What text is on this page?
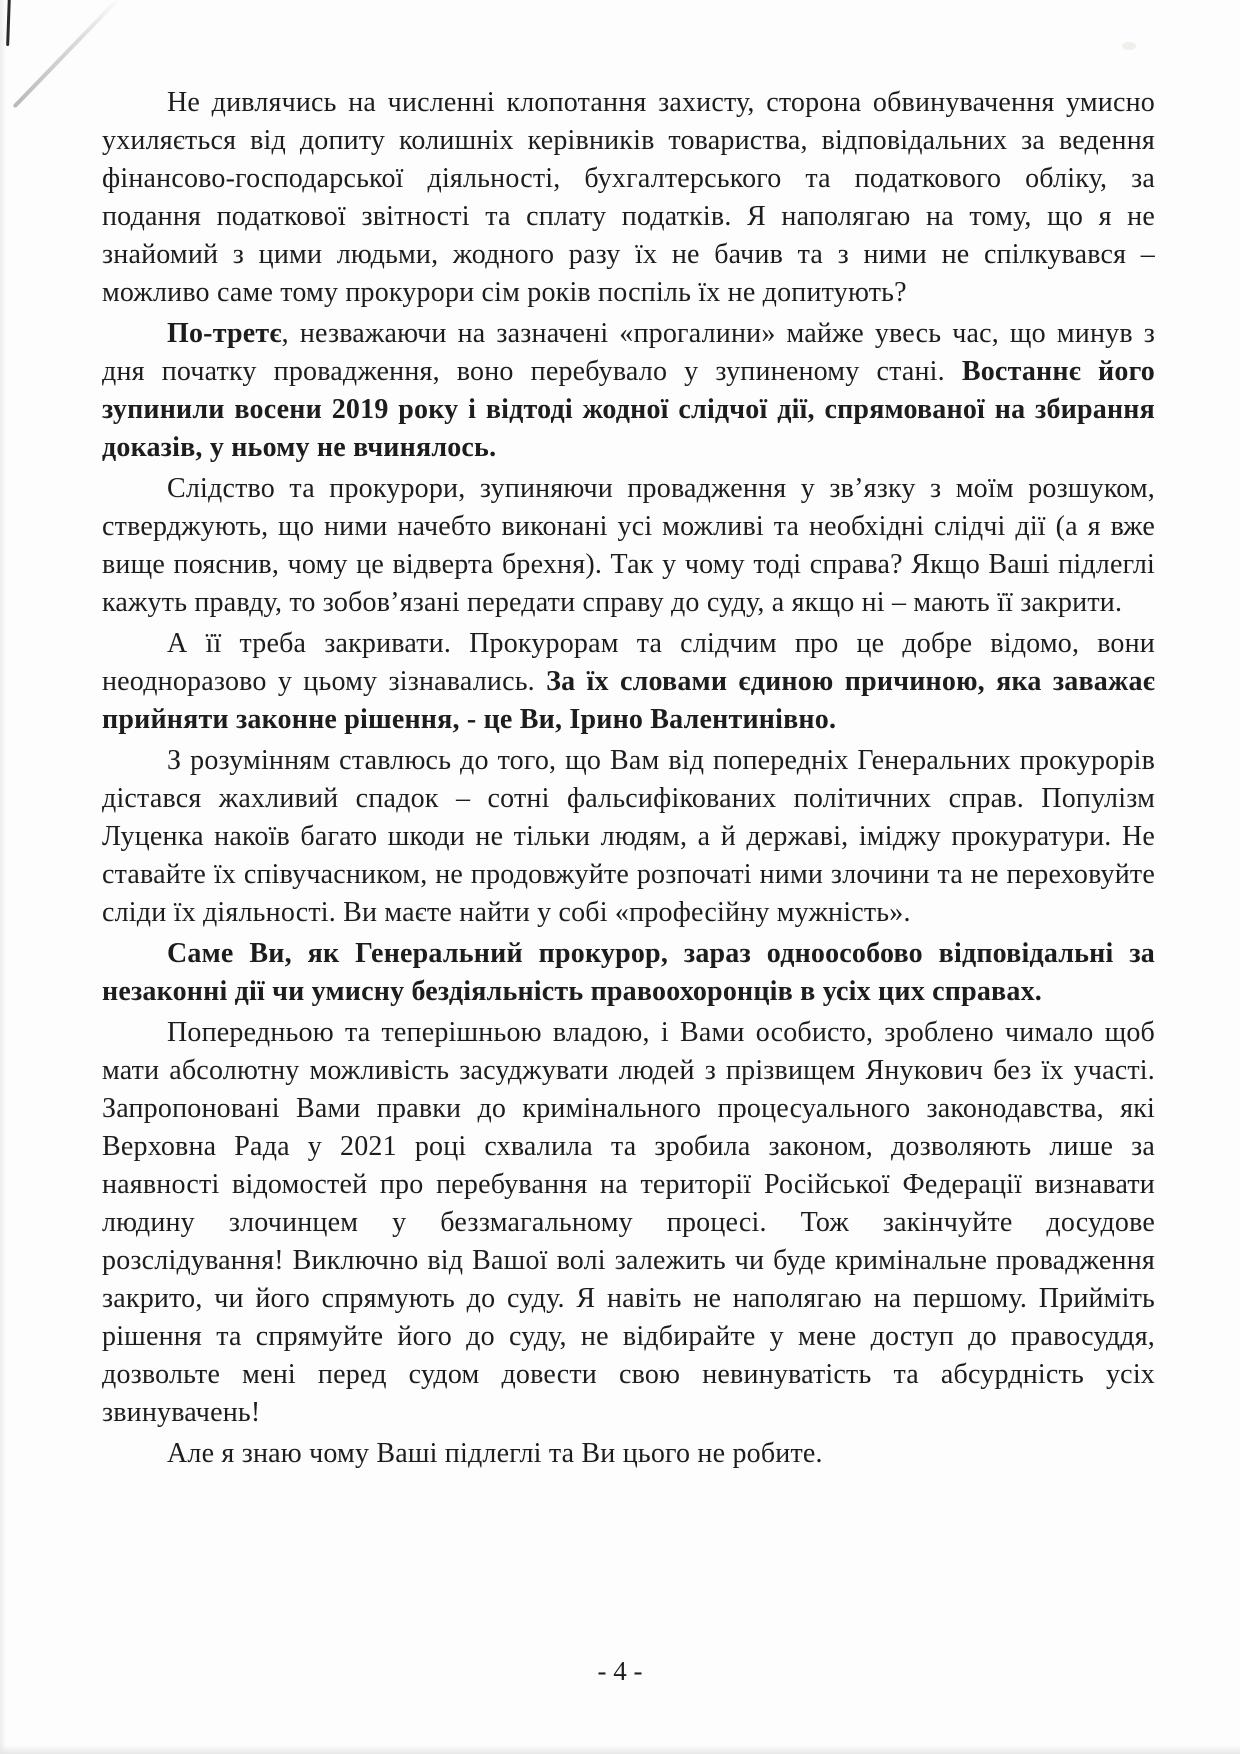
Не дивлячись на численні клопотання захисту, сторона обвинувачення умисно ухиляється від допиту колишніх керівників товариства, відповідальних за ведення фінансово-господарської діяльності, бухгалтерського та податкового обліку, за подання податкової звітності та сплату податків. Я наполягаю на тому, що я не знайомий з цими людьми, жодного разу їх не бачив та з ними не спілкувався – можливо саме тому прокурори сім років поспіль їх не допитують?

По-третє, незважаючи на зазначені «прогалини» майже увесь час, що минув з дня початку провадження, воно перебувало у зупиненому стані. Востаннє його зупинили восени 2019 року і відтоді жодної слідчої дії, спрямованої на збирання доказів, у ньому не вчинялось.

Слідство та прокурори, зупиняючи провадження у зв’язку з моїм розшуком, стверджують, що ними начебто виконані усі можливі та необхідні слідчі дії (а я вже вище пояснив, чому це відверта брехня). Так у чому тоді справа? Якщо Ваші підлеглі кажуть правду, то зобов’язані передати справу до суду, а якщо ні – мають її закрити.

А її треба закривати. Прокурорам та слідчим про це добре відомо, вони неодноразово у цьому зізнавались. За їх словами єдиною причиною, яка заважає прийняти законне рішення, - це Ви, Ірино Валентинівно.

З розумінням ставлюсь до того, що Вам від попередніх Генеральних прокурорів дістався жахливий спадок – сотні фальсифікованих політичних справ. Популізм Луценка накоїв багато шкоди не тільки людям, а й державі, іміджу прокуратури. Не ставайте їх співучасником, не продовжуйте розпочаті ними злочини та не переховуйте сліди їх діяльності. Ви маєте найти у собі «професійну мужність».

Саме Ви, як Генеральний прокурор, зараз одноособово відповідальні за незаконні дії чи умисну бездіяльність правоохоронців в усіх цих справах.

Попередньою та теперішньою владою, і Вами особисто, зроблено чимало щоб мати абсолютну можливість засуджувати людей з прізвищем Янукович без їх участі. Запропоновані Вами правки до кримінального процесуального законодавства, які Верховна Рада у 2021 році схвалила та зробила законом, дозволяють лише за наявності відомостей про перебування на території Російської Федерації визнавати людину злочинцем у беззмагальному процесі. Тож закінчуйте досудове розслідування! Виключно від Вашої волі залежить чи буде кримінальне провадження закрито, чи його спрямують до суду. Я навіть не наполягаю на першому. Прийміть рішення та спрямуйте його до суду, не відбирайте у мене доступ до правосуддя, дозвольте мені перед судом довести свою невинуватість та абсурдність усіх звинувачень!

Але я знаю чому Ваші підлеглі та Ви цього не робите.

- 4 -
